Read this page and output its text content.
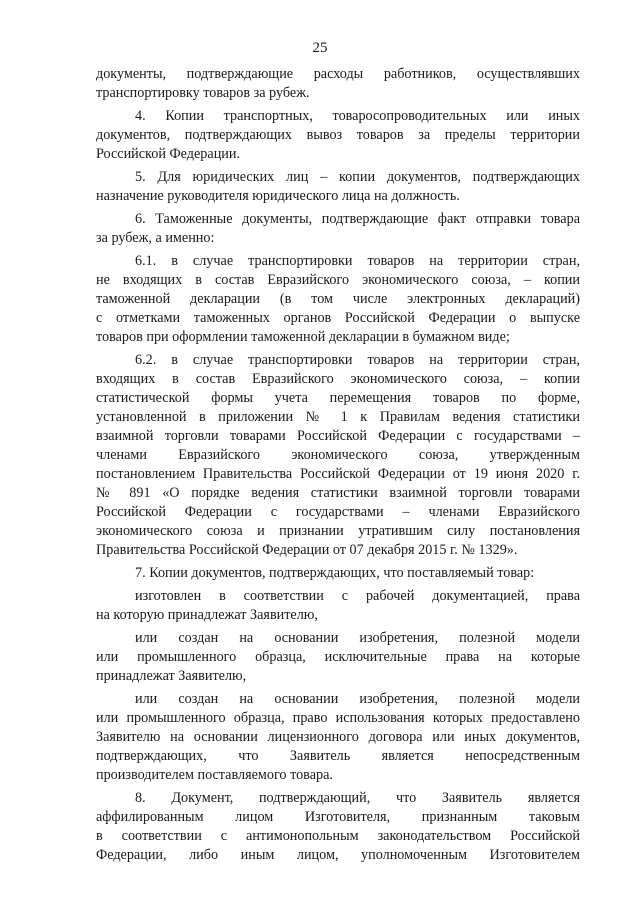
25
документы, подтверждающие расходы работников, осуществлявших
транспортировку товаров за рубеж.
4. Копии транспортных, товаросопроводительных или иных
документов, подтверждающих вывоз товаров за пределы территории
Российской Федерации.
5. Для юридических лиц – копии документов, подтверждающих
назначение руководителя юридического лица на должность.
6. Таможенные документы, подтверждающие факт отправки товара
за рубеж, а именно:
6.1. в случае транспортировки товаров на территории стран,
не входящих в состав Евразийского экономического союза, – копии
таможенной декларации (в том числе электронных деклараций)
с отметками таможенных органов Российской Федерации о выпуске
товаров при оформлении таможенной декларации в бумажном виде;
6.2. в случае транспортировки товаров на территории стран,
входящих в состав Евразийского экономического союза, – копии
статистической формы учета перемещения товаров по форме,
установленной в приложении № 1 к Правилам ведения статистики
взаимной торговли товарами Российской Федерации с государствами –
членами Евразийского экономического союза, утвержденным
постановлением Правительства Российской Федерации от 19 июня 2020 г.
№ 891 «О порядке ведения статистики взаимной торговли товарами
Российской Федерации с государствами – членами Евразийского
экономического союза и признании утратившим силу постановления
Правительства Российской Федерации от 07 декабря 2015 г. № 1329».
7. Копии документов, подтверждающих, что поставляемый товар:
изготовлен в соответствии с рабочей документацией, права
на которую принадлежат Заявителю,
или создан на основании изобретения, полезной модели
или промышленного образца, исключительные права на которые
принадлежат Заявителю,
или создан на основании изобретения, полезной модели
или промышленного образца, право использования которых предоставлено
Заявителю на основании лицензионного договора или иных документов,
подтверждающих, что Заявитель является непосредственным
производителем поставляемого товара.
8. Документ, подтверждающий, что Заявитель является
аффилированным лицом Изготовителя, признанным таковым
в соответствии с антимонопольным законодательством Российской
Федерации, либо иным лицом, уполномоченным Изготовителем
